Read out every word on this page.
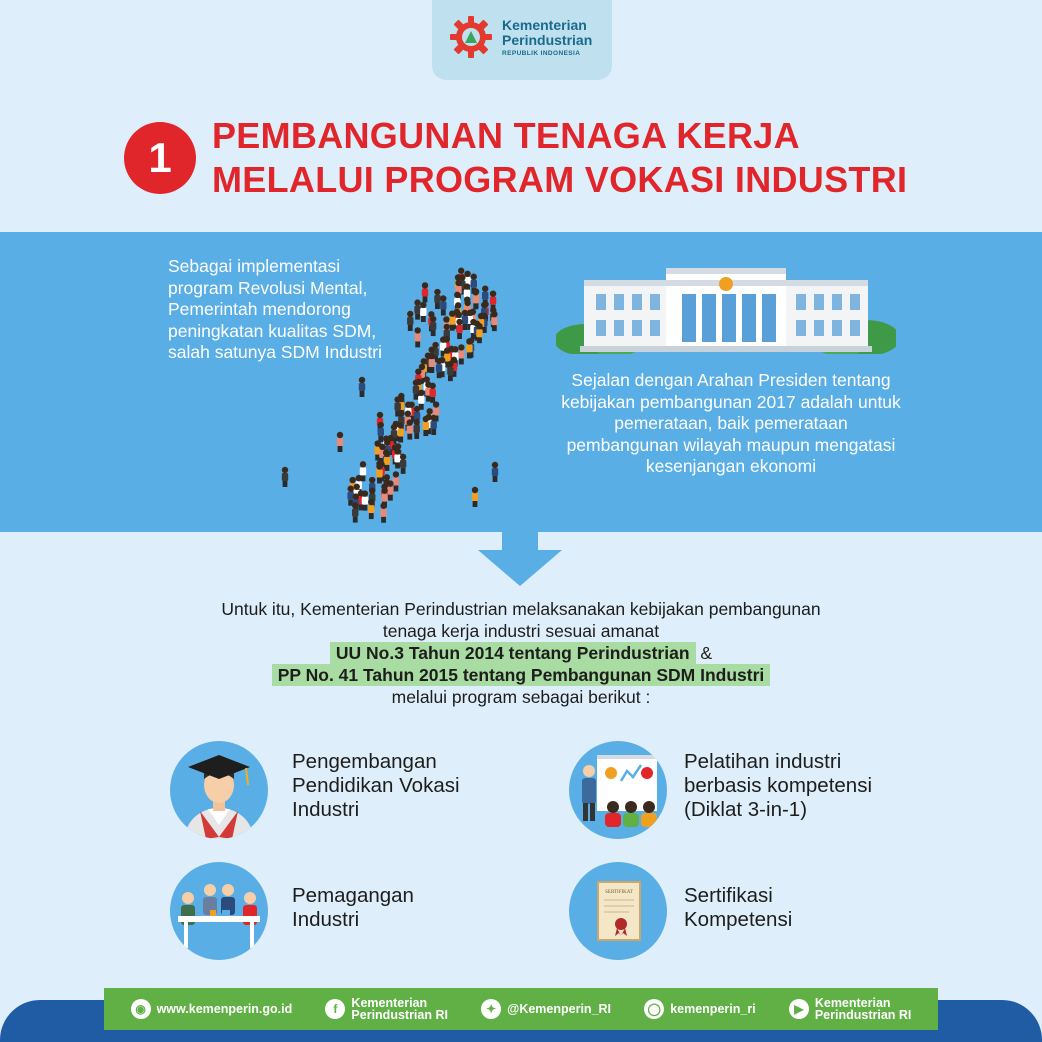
Kementerian
Perindustrian
REPUBLIK INDONESIA
1	PEMBANGUNAN TENAGA KERJA
MELALUI PROGRAM VOKASI INDUSTRI
Sebagai implementasi program Revolusi Mental, Pemerintah mendorong peningkatan kualitas SDM, salah satunya SDM Industri
Sejalan dengan Arahan Presiden tentang kebijakan pembangunan 2017 adalah untuk pemerataan, baik pemerataan pembangunan wilayah maupun mengatasi kesenjangan ekonomi
Untuk itu, Kementerian Perindustrian melaksanakan kebijakan pembangunan
tenaga kerja industri sesuai amanat
UU No.3 Tahun 2014 tentang Perindustrian &
PP No. 41 Tahun 2015 tentang Pembangunan SDM Industri
melalui program sebagai berikut :
Pengembangan
Pendidikan Vokasi
Industri
Pelatihan industri
berbasis kompetensi
(Diklat 3-in-1)
Pemagangan
Industri
SERTIFIKAT Sertifikasi
Kompetensi
◉ www.kemenperin.go.id	f	Kementerian
Perindustrian RI	✦ @Kemenperin_RI	◯ kemenperin_ri	▶ Kementerian
Perindustrian RI
